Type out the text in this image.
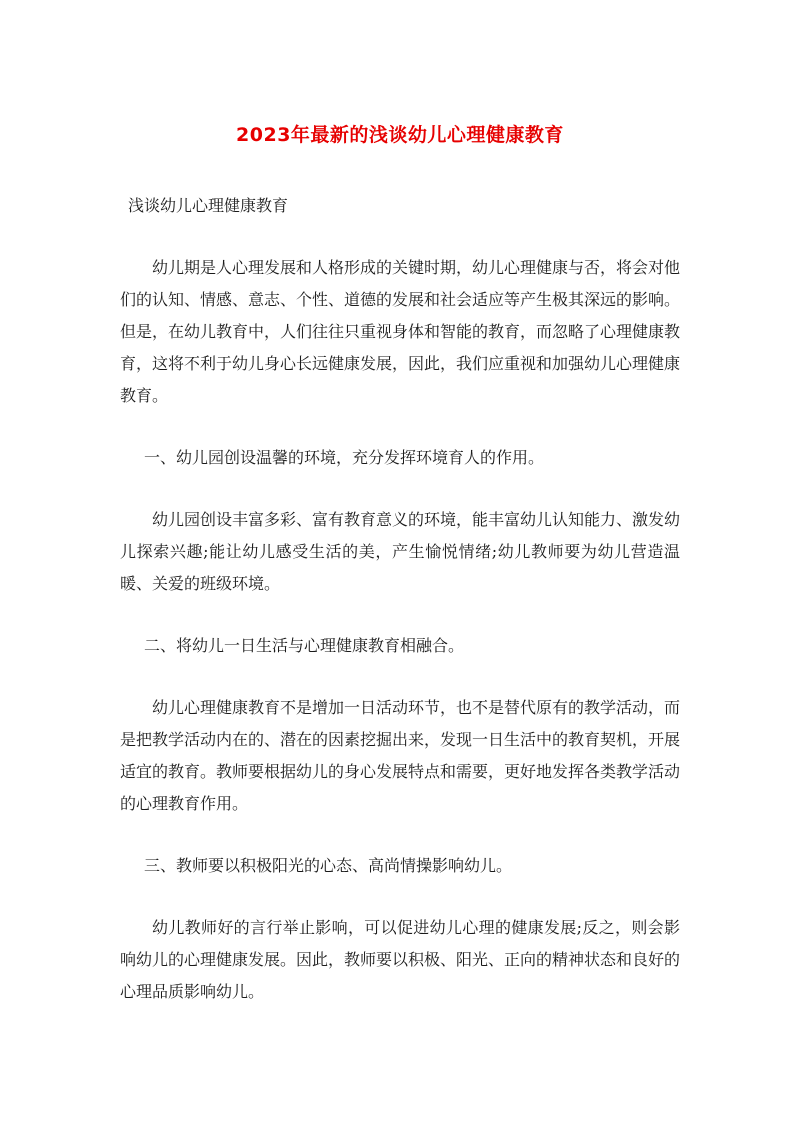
2023年最新的浅谈幼儿心理健康教育
浅谈幼儿心理健康教育

幼儿期是人心理发展和人格形成的关键时期，幼儿心理健康与否，将会对他们的认知、情感、意志、个性、道德的发展和社会适应等产生极其深远的影响。但是，在幼儿教育中，人们往往只重视身体和智能的教育，而忽略了心理健康教育，这将不利于幼儿身心长远健康发展，因此，我们应重视和加强幼儿心理健康教育。

一、幼儿园创设温馨的环境，充分发挥环境育人的作用。

幼儿园创设丰富多彩、富有教育意义的环境，能丰富幼儿认知能力、激发幼儿探索兴趣;能让幼儿感受生活的美，产生愉悦情绪;幼儿教师要为幼儿营造温暖、关爱的班级环境。

二、将幼儿一日生活与心理健康教育相融合。

幼儿心理健康教育不是增加一日活动环节，也不是替代原有的教学活动，而是把教学活动内在的、潜在的因素挖掘出来，发现一日生活中的教育契机，开展适宜的教育。教师要根据幼儿的身心发展特点和需要，更好地发挥各类教学活动的心理教育作用。

三、教师要以积极阳光的心态、高尚情操影响幼儿。

幼儿教师好的言行举止影响，可以促进幼儿心理的健康发展;反之，则会影响幼儿的心理健康发展。因此，教师要以积极、阳光、正向的精神状态和良好的心理品质影响幼儿。
